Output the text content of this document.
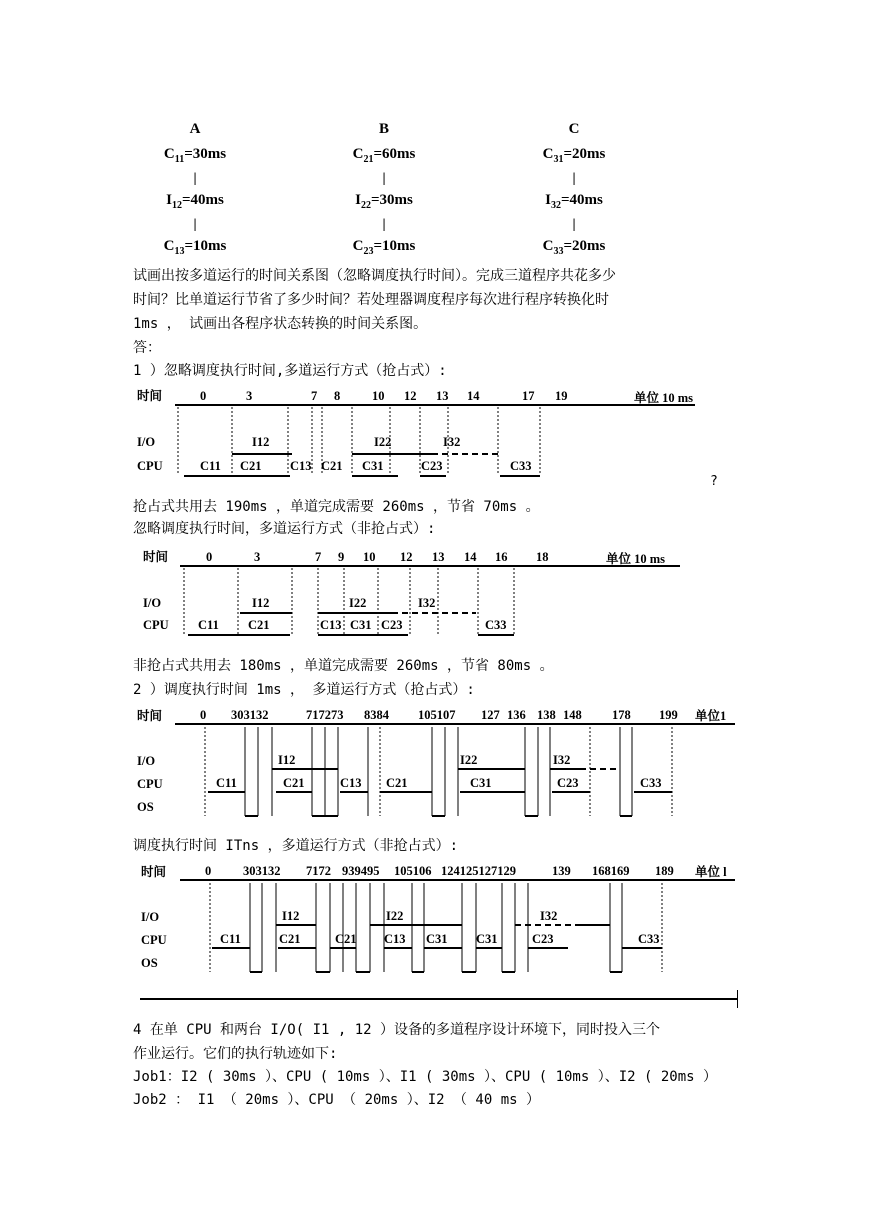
试画出按多道运行的时间关系图（忽略调度执行时间）。完成三道程序共花多少
时间？比单道运行节省了多少时间？若处理器调度程序每次进行程序转换化时
1ms ， 试画出各程序状态转换的时间关系图。
答：
1 ）忽略调度执行时间,多道运行方式（抢占式）:
?
抢占式共用去 190ms ，单道完成需要 260ms ，节省 70ms 。
忽略调度执行时间，多道运行方式（非抢占式）:
非抢占式共用去 180ms ，单道完成需要 260ms ，节省 80ms 。
2 ）调度执行时间 1ms ， 多道运行方式（抢占式）:
调度执行时间 ITns ，多道运行方式（非抢占式）:
4 在单 CPU 和两台 I/O( I1 , 12 ）设备的多道程序设计环境下，同时投入三个
作业运行。它们的执行轨迹如下:
Job1：I2 ( 30ms ）、CPU ( 10ms ）、I1 ( 30ms ）、CPU ( 10ms ）、I2 ( 20ms ）
Job2 ： I1 （ 20ms ）、CPU （ 20ms ）、I2 （ 40 ms ）
A
$C_{11}=30ms$
|
$I_{12}=40ms$
|
$C_{13}=10ms$
B
$C_{21}=60ms$
|
$I_{22}=30ms$
|
$C_{23}=10ms$
C
$C_{31}=20ms$
|
$I_{32}=40ms$
|
$C_{33}=20ms$
时间	单位 10 ms
I/O
CPU
0	3	7 8	10 12 13 14	17 19
I12	I22	I32
C11 C21 C13 C21 C31	C23	C33
时间	单位 10 ms
I/O
CPU
0	3	7 9 10 12 13 14 16 18
I12	I22	I32
C11 C21	C13 C31 C23	C33
时间	单位1
I/O
CPU
OS
0 303132	717273 8384 105107 127 136 138 148 178 199
I12	I22	I32
C11	C21	C13 C21	C31	C23	C33
时间	单位 l
I/O
CPU
OS
0	303132 7172 939495 105106 124125127129	139 168169 189
I12	I22	I32
C11	C21	C21 C13 C31 C31	C23	C33
